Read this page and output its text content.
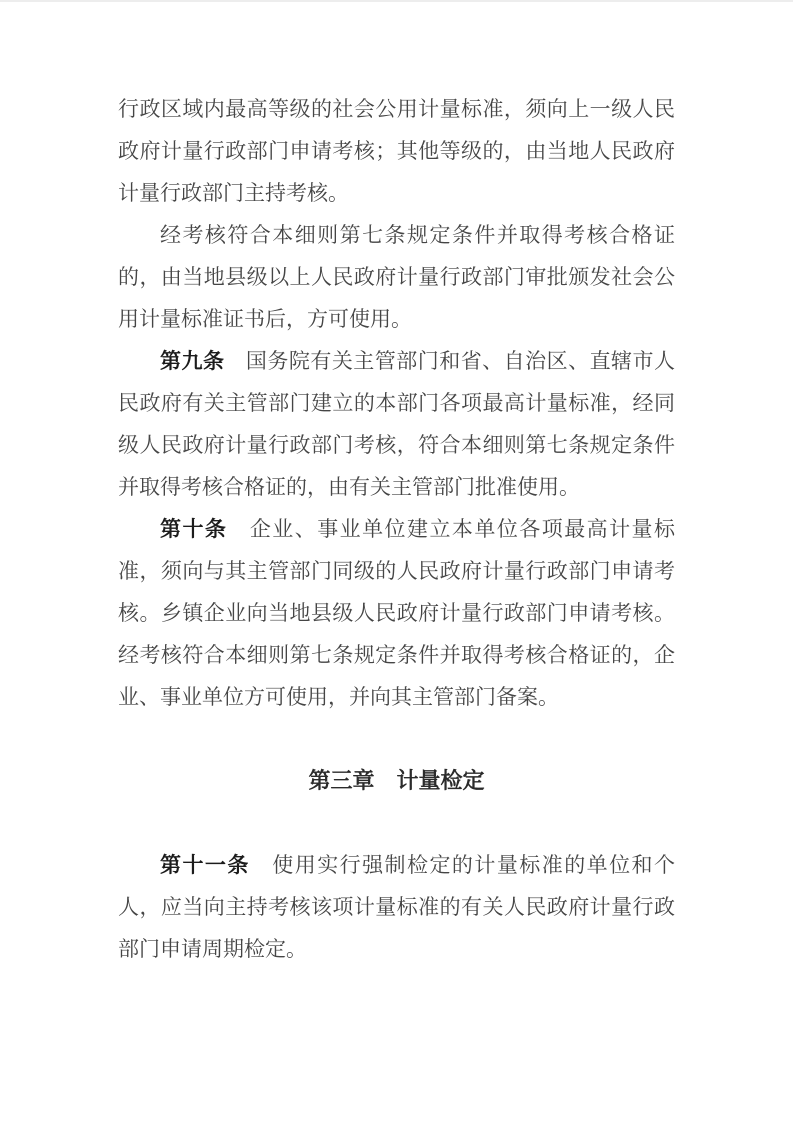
行政区域内最高等级的社会公用计量标准，须向上一级人民政府计量行政部门申请考核；其他等级的，由当地人民政府计量行政部门主持考核。

经考核符合本细则第七条规定条件并取得考核合格证的，由当地县级以上人民政府计量行政部门审批颁发社会公用计量标准证书后，方可使用。

第九条　国务院有关主管部门和省、自治区、直辖市人民政府有关主管部门建立的本部门各项最高计量标准，经同级人民政府计量行政部门考核，符合本细则第七条规定条件并取得考核合格证的，由有关主管部门批准使用。

第十条　企业、事业单位建立本单位各项最高计量标准，须向与其主管部门同级的人民政府计量行政部门申请考核。乡镇企业向当地县级人民政府计量行政部门申请考核。经考核符合本细则第七条规定条件并取得考核合格证的，企业、事业单位方可使用，并向其主管部门备案。

第三章　计量检定

第十一条　使用实行强制检定的计量标准的单位和个人，应当向主持考核该项计量标准的有关人民政府计量行政部门申请周期检定。
